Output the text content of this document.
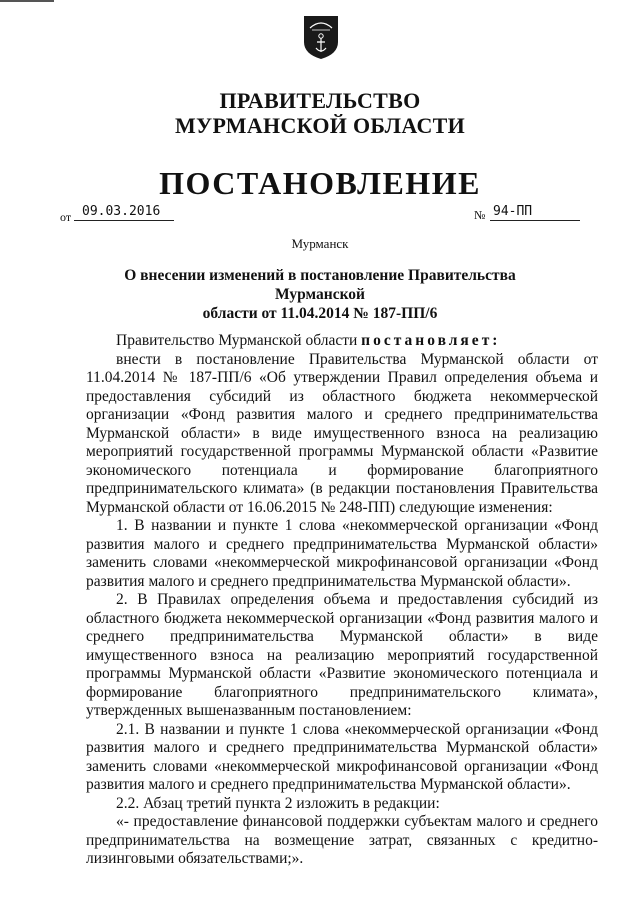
ПРАВИТЕЛЬСТВО
МУРМАНСКОЙ ОБЛАСТИ
ПОСТАНОВЛЕНИЕ
от 09.03.2016	№ 94-ПП
Мурманск
О внесении изменений в постановление Правительства Мурманской
области от 11.04.2014 № 187-ПП/6

Правительство Мурманской области постановляет:

внести в постановление Правительства Мурманской области от 11.04.2014 № 187-ПП/6 «Об утверждении Правил определения объема и предоставления субсидий из областного бюджета некоммерческой организации «Фонд развития малого и среднего предпринимательства Мурманской области» в виде имущественного взноса на реализацию мероприятий государственной программы Мурманской области «Развитие экономического потенциала и формирование благоприятного предпринимательского климата» (в редакции постановления Правительства Мурманской области от 16.06.2015 № 248-ПП) следующие изменения:

1. В названии и пункте 1 слова «некоммерческой организации «Фонд развития малого и среднего предпринимательства Мурманской области» заменить словами «некоммерческой микрофинансовой организации «Фонд развития малого и среднего предпринимательства Мурманской области».

2. В Правилах определения объема и предоставления субсидий из областного бюджета некоммерческой организации «Фонд развития малого и среднего предпринимательства Мурманской области» в виде имущественного взноса на реализацию мероприятий государственной программы Мурманской области «Развитие экономического потенциала и формирование благоприятного предпринимательского климата», утвержденных вышеназванным постановлением:

2.1. В названии и пункте 1 слова «некоммерческой организации «Фонд развития малого и среднего предпринимательства Мурманской области» заменить словами «некоммерческой микрофинансовой организации «Фонд развития малого и среднего предпринимательства Мурманской области».

2.2. Абзац третий пункта 2 изложить в редакции:

«- предоставление финансовой поддержки субъектам малого и среднего предпринимательства на возмещение затрат, связанных с кредитно-лизинговыми обязательствами;».
